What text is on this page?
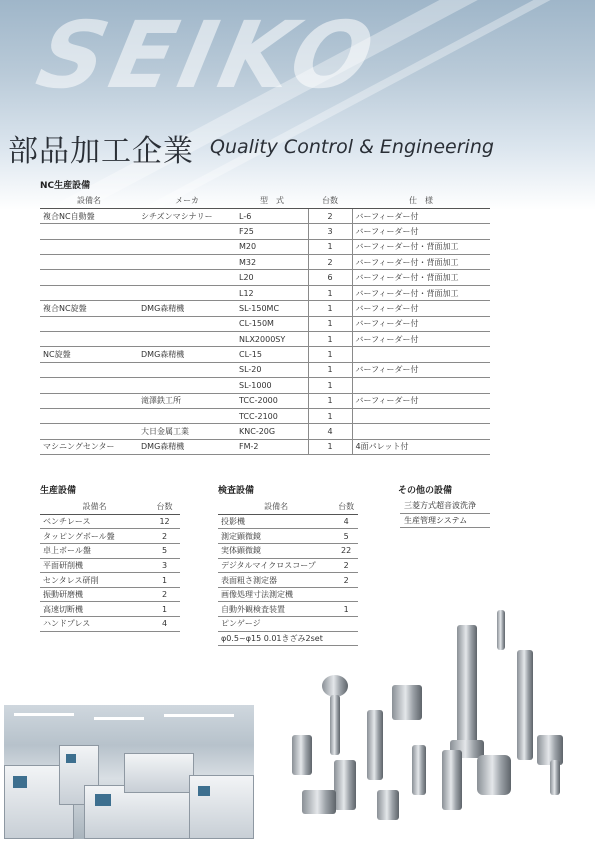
SEIKO
部品加工企業 Quality Control & Engineering
NC生産設備
設備名	メーカ	型　式	台数	仕　様
複合NC自動盤	シチズンマシナリー	L-6	2	バーフィーダー付
		F25	3	バーフィーダー付
		M20	1	バーフィーダー付・背面加工
		M32	2	バーフィーダー付・背面加工
		L20	6	バーフィーダー付・背面加工
		L12	1	バーフィーダー付・背面加工
複合NC旋盤	DMG森精機	SL-150MC	1	バーフィーダー付
		CL-150M	1	バーフィーダー付
		NLX2000SY	1	バーフィーダー付
NC旋盤	DMG森精機	CL-15	1	
		SL-20	1	バーフィーダー付
		SL-1000	1	
	滝澤鉄工所	TCC-2000	1	バーフィーダー付
		TCC-2100	1	
	大日金属工業	KNC-20G	4	
マシニングセンター	DMG森精機	FM-2	1	4面パレット付
生産設備
設備名	台数
ベンチレース	12
タッピングボール盤	2
卓上ボール盤	5
平面研削機	3
センタレス研削	1
振動研磨機	2
高速切断機	1
ハンドプレス	4
検査設備
設備名	台数
投影機	4
測定顕微鏡	5
実体顕微鏡	22
デジタルマイクロスコープ	2
表面粗さ測定器	2
画像処理寸法測定機	
自動外観検査装置	1
ピンゲージ	
φ0.5~φ15 0.01きざみ2set	
その他の設備
三菱方式超音波洗浄
生産管理システム
